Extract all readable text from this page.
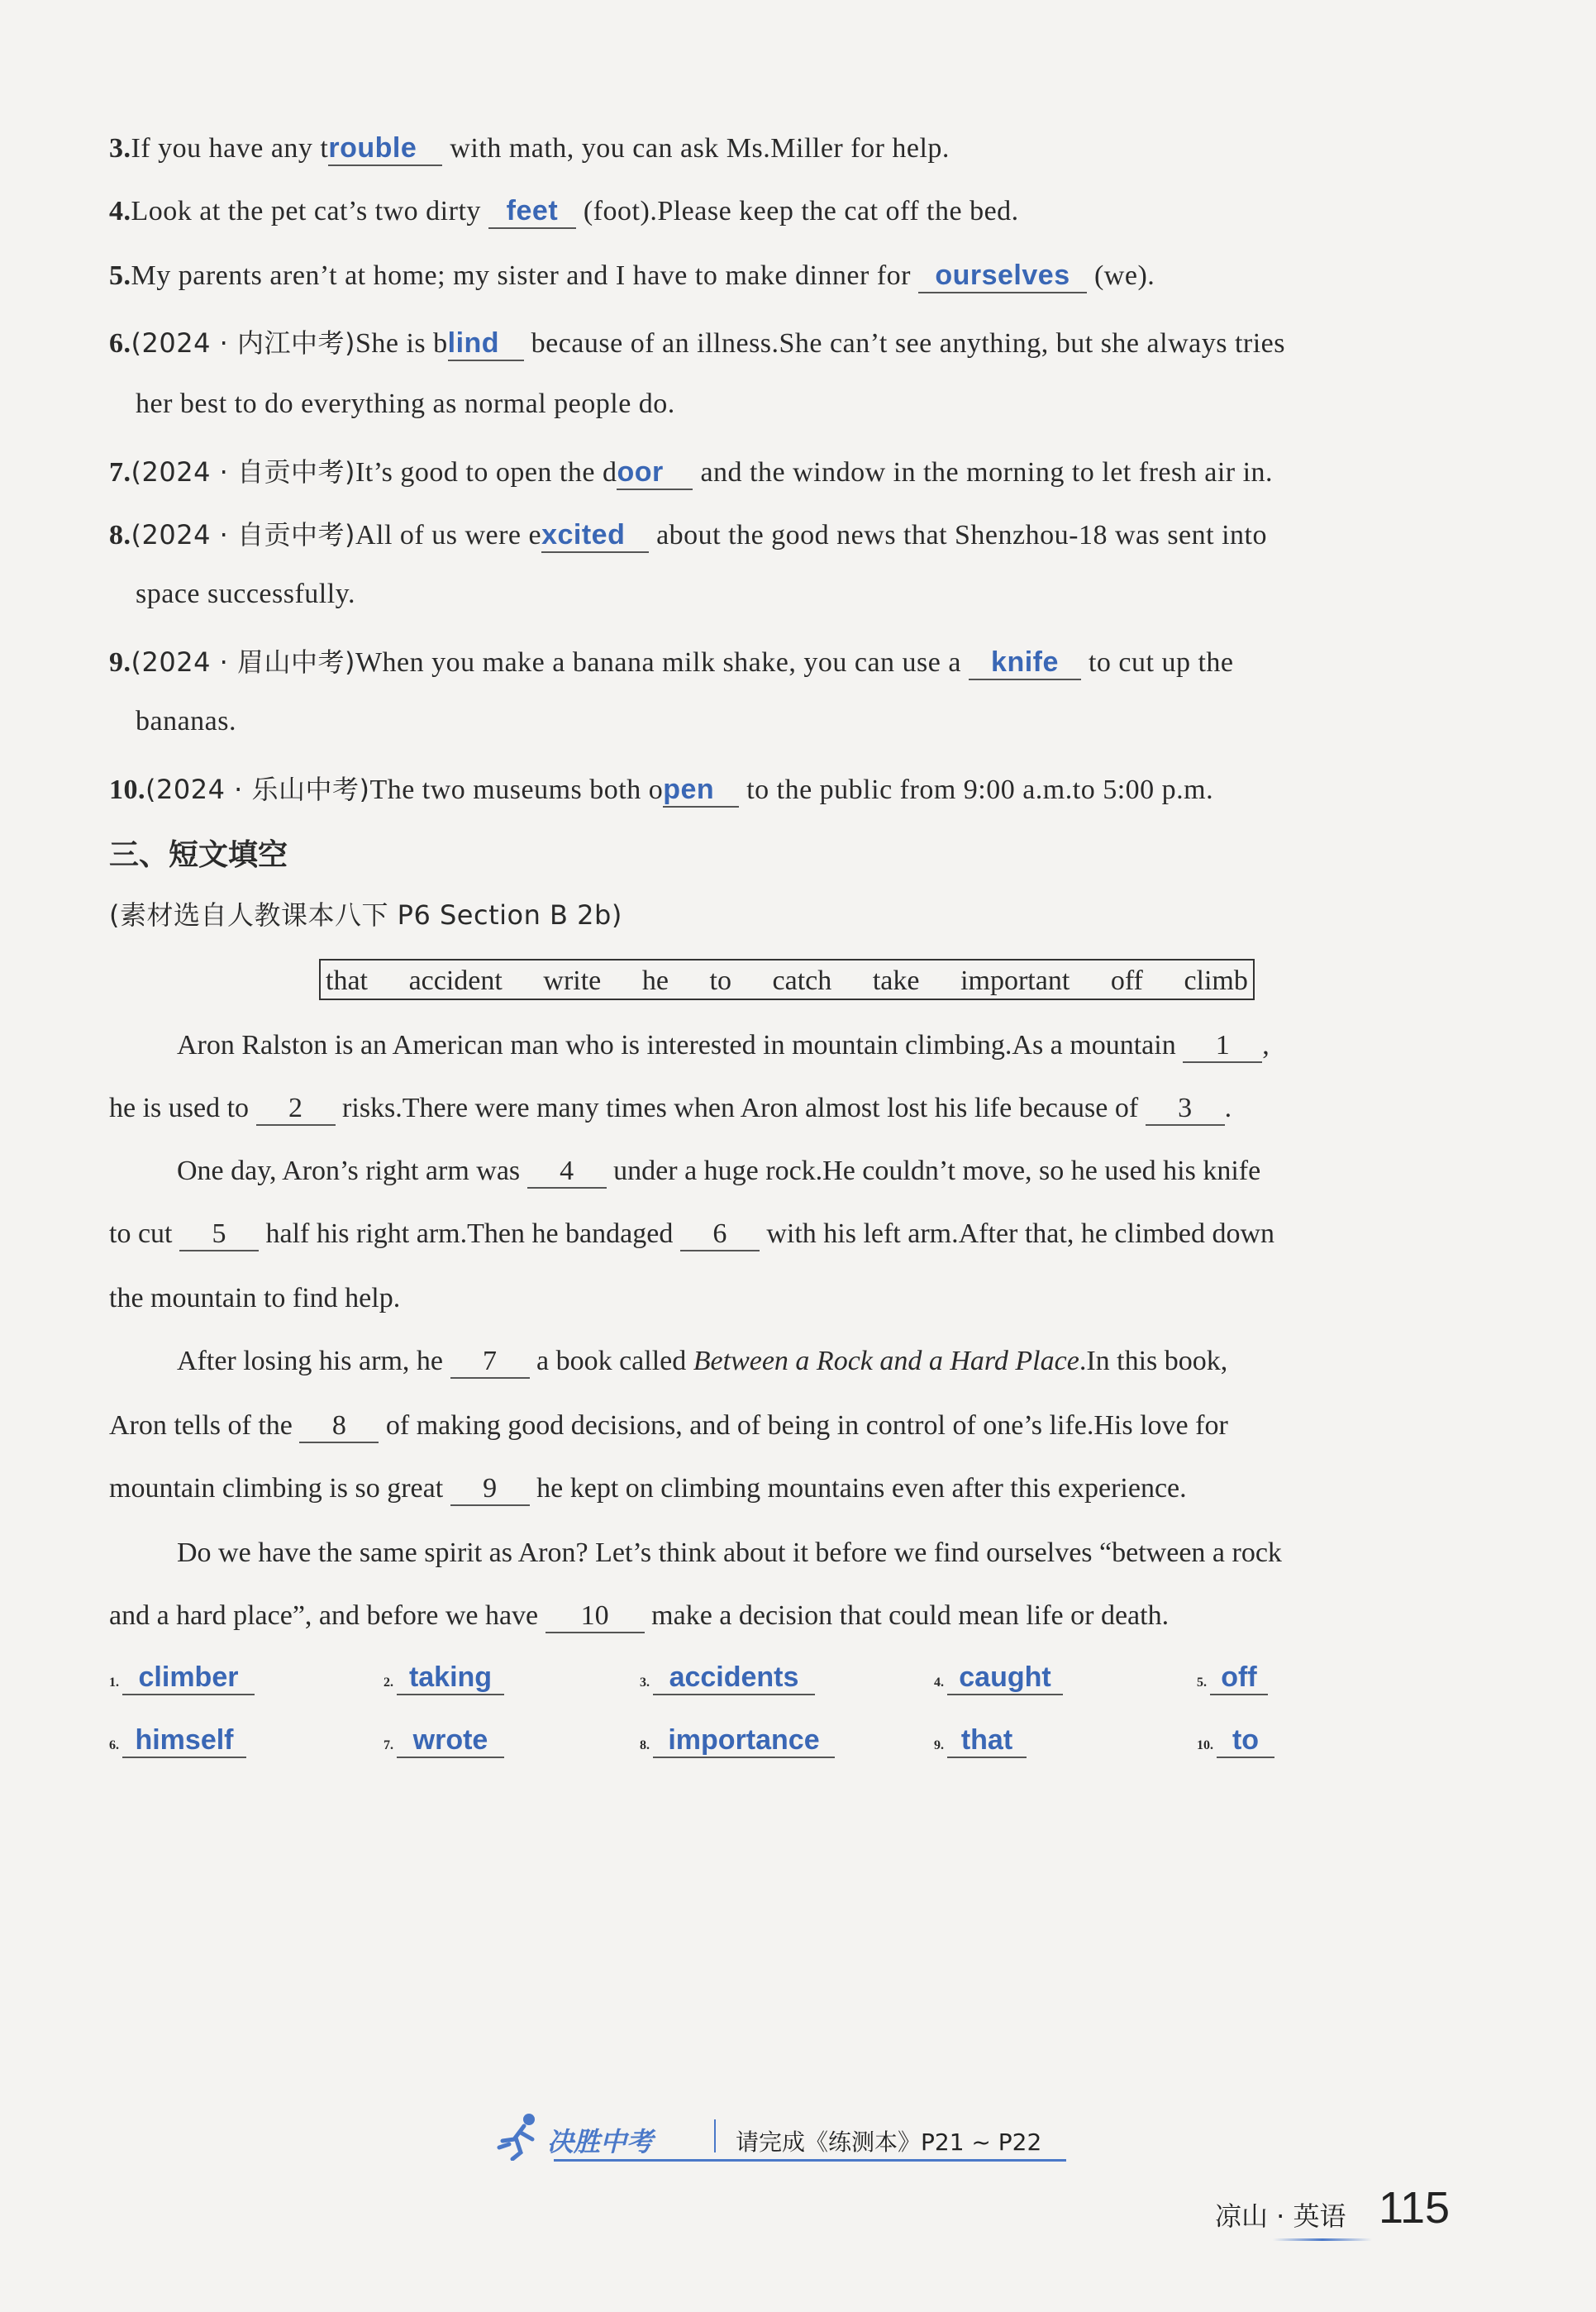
3.If you have any trouble with math, you can ask Ms.Miller for help.
4.Look at the pet cat’s two dirty feet (foot).Please keep the cat off the bed.
5.My parents aren’t at home; my sister and I have to make dinner for ourselves (we).
6.(2024 · 内江中考)She is blind because of an illness.She can’t see anything, but she always tries
her best to do everything as normal people do.
7.(2024 · 自贡中考)It’s good to open the door and the window in the morning to let fresh air in.
8.(2024 · 自贡中考)All of us were excited about the good news that Shenzhou-18 was sent into
space successfully.
9.(2024 · 眉山中考)When you make a banana milk shake, you can use a knife to cut up the
bananas.
10.(2024 · 乐山中考)The two museums both open to the public from 9:00 a.m.to 5:00 p.m.
三、短文填空
(素材选自人教课本八下 P6 Section B 2b)
that accident write he to catch take important off climb
Aron Ralston is an American man who is interested in mountain climbing.As a mountain 1 ,
he is used to 2 risks.There were many times when Aron almost lost his life because of 3 .
One day, Aron’s right arm was 4 under a huge rock.He couldn’t move, so he used his knife
to cut 5 half his right arm.Then he bandaged 6 with his left arm.After that, he climbed down
the mountain to find help.
After losing his arm, he 7 a book called Between a Rock and a Hard Place.In this book,
Aron tells of the 8 of making good decisions, and of being in control of one’s life.His love for
mountain climbing is so great 9 he kept on climbing mountains even after this experience.
Do we have the same spirit as Aron? Let’s think about it before we find ourselves “between a rock
and a hard place”, and before we have 10 make a decision that could mean life or death.
1. climber	2. taking	3. accidents	4. caught	5. off
6. himself	7. wrote	8. importance	9. that	10. to
决胜中考	请完成《练测本》P21 ~ P22
凉山 · 英语 115
